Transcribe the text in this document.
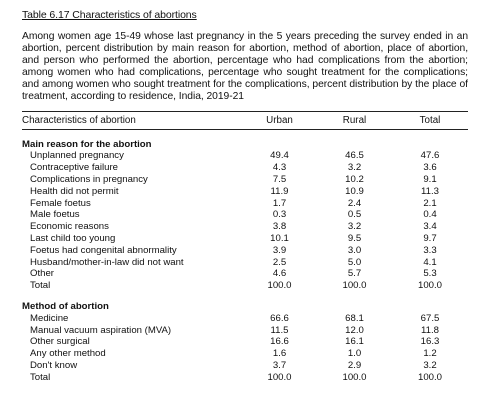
Table 6.17 Characteristics of abortions
Among women age 15-49 whose last pregnancy in the 5 years preceding the survey ended in an abortion, percent distribution by main reason for abortion, method of abortion, place of abortion, and person who performed the abortion, percentage who had complications from the abortion; among women who had complications, percentage who sought treatment for the complications; and among women who sought treatment for the complications, percent distribution by the place of treatment, according to residence, India, 2019-21
Characteristics of abortion	Urban	Rural	Total

Main reason for the abortion			
Unplanned pregnancy	49.4	46.5	47.6
Contraceptive failure	4.3	3.2	3.6
Complications in pregnancy	7.5	10.2	9.1
Health did not permit	11.9	10.9	11.3
Female foetus	1.7	2.4	2.1
Male foetus	0.3	0.5	0.4
Economic reasons	3.8	3.2	3.4
Last child too young	10.1	9.5	9.7
Foetus had congenital abnormality	3.9	3.0	3.3
Husband/mother-in-law did not want	2.5	5.0	4.1
Other	4.6	5.7	5.3
Total	100.0	100.0	100.0

Method of abortion			
Medicine	66.6	68.1	67.5
Manual vacuum aspiration (MVA)	11.5	12.0	11.8
Other surgical	16.6	16.1	16.3
Any other method	1.6	1.0	1.2
Don't know	3.7	2.9	3.2
Total	100.0	100.0	100.0
